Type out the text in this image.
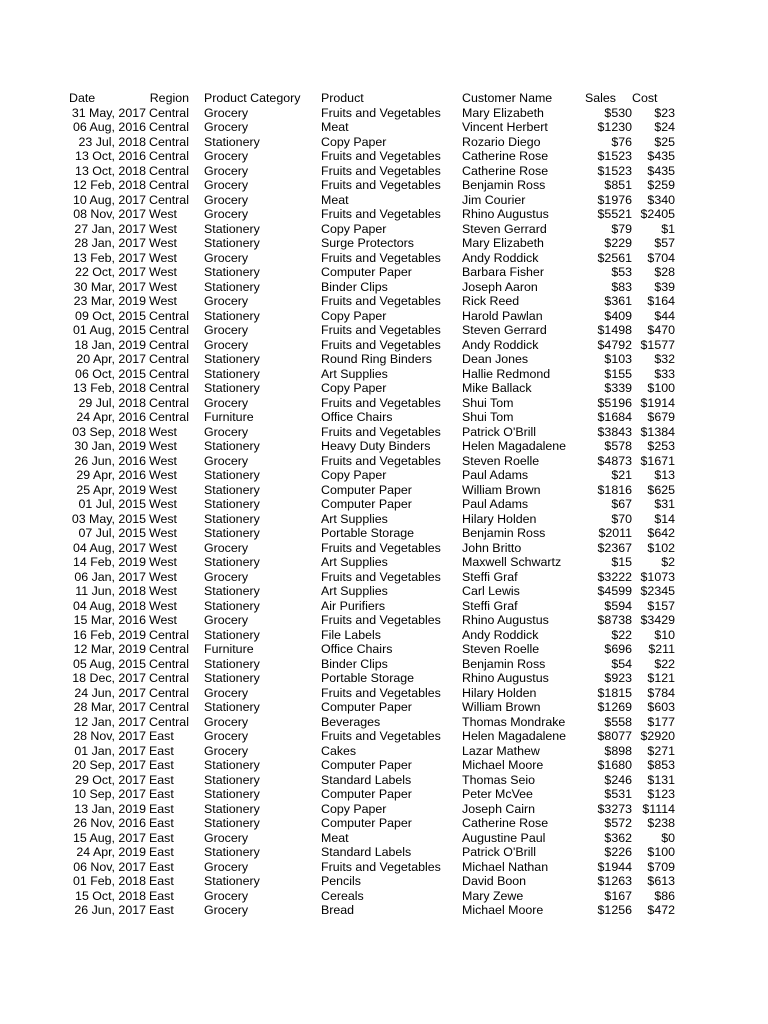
Date	Region Product Category	Product	Customer Name	Sales Cost
31 May, 2017 Central	Grocery	Fruits and Vegetables	Mary Elizabeth	$530	$23
06 Aug, 2016 Central	Grocery	Meat	Vincent Herbert	$1230	$24
23 Jul, 2018 Central	Stationery	Copy Paper	Rozario Diego	$76	$25
13 Oct, 2016 Central	Grocery	Fruits and Vegetables	Catherine Rose	$1523	$435
13 Oct, 2018 Central	Grocery	Fruits and Vegetables	Catherine Rose	$1523	$435
12 Feb, 2018 Central	Grocery	Fruits and Vegetables	Benjamin Ross	$851	$259
10 Aug, 2017 Central	Grocery	Meat	Jim Courier	$1976	$340
08 Nov, 2017 West	Grocery	Fruits and Vegetables	Rhino Augustus	$5521 $2405
27 Jan, 2017 West	Stationery	Copy Paper	Steven Gerrard	$79	$1
28 Jan, 2017 West	Stationery	Surge Protectors	Mary Elizabeth	$229	$57
13 Feb, 2017 West	Grocery	Fruits and Vegetables	Andy Roddick	$2561	$704
22 Oct, 2017 West	Stationery	Computer Paper	Barbara Fisher	$53	$28
30 Mar, 2017 West	Stationery	Binder Clips	Joseph Aaron	$83	$39
23 Mar, 2019 West	Grocery	Fruits and Vegetables	Rick Reed	$361	$164
09 Oct, 2015 Central	Stationery	Copy Paper	Harold Pawlan	$409	$44
01 Aug, 2015 Central	Grocery	Fruits and Vegetables	Steven Gerrard	$1498	$470
18 Jan, 2019 Central	Grocery	Fruits and Vegetables	Andy Roddick	$4792 $1577
20 Apr, 2017 Central	Stationery	Round Ring Binders	Dean Jones	$103	$32
06 Oct, 2015 Central	Stationery	Art Supplies	Hallie Redmond	$155	$33
13 Feb, 2018 Central	Stationery	Copy Paper	Mike Ballack	$339	$100
29 Jul, 2018 Central	Grocery	Fruits and Vegetables	Shui Tom	$5196 $1914
24 Apr, 2016 Central	Furniture	Office Chairs	Shui Tom	$1684	$679
03 Sep, 2018 West	Grocery	Fruits and Vegetables	Patrick O'Brill	$3843 $1384
30 Jan, 2019 West	Stationery	Heavy Duty Binders	Helen Magadalene	$578	$253
26 Jun, 2016 West	Grocery	Fruits and Vegetables	Steven Roelle	$4873 $1671
29 Apr, 2016 West	Stationery	Copy Paper	Paul Adams	$21	$13
25 Apr, 2019 West	Stationery	Computer Paper	William Brown	$1816	$625
01 Jul, 2015 West	Stationery	Computer Paper	Paul Adams	$67	$31
03 May, 2015 West	Stationery	Art Supplies	Hilary Holden	$70	$14
07 Jul, 2015 West	Stationery	Portable Storage	Benjamin Ross	$2011	$642
04 Aug, 2017 West	Grocery	Fruits and Vegetables	John Britto	$2367	$102
14 Feb, 2019 West	Stationery	Art Supplies	Maxwell Schwartz	$15	$2
06 Jan, 2017 West	Grocery	Fruits and Vegetables	Steffi Graf	$3222 $1073
11 Jun, 2018 West	Stationery	Art Supplies	Carl Lewis	$4599 $2345
04 Aug, 2018 West	Stationery	Air Purifiers	Steffi Graf	$594	$157
15 Mar, 2016 West	Grocery	Fruits and Vegetables	Rhino Augustus	$8738 $3429
16 Feb, 2019 Central	Stationery	File Labels	Andy Roddick	$22	$10
12 Mar, 2019 Central	Furniture	Office Chairs	Steven Roelle	$696	$211
05 Aug, 2015 Central	Stationery	Binder Clips	Benjamin Ross	$54	$22
18 Dec, 2017 Central	Stationery	Portable Storage	Rhino Augustus	$923	$121
24 Jun, 2017 Central	Grocery	Fruits and Vegetables	Hilary Holden	$1815	$784
28 Mar, 2017 Central	Stationery	Computer Paper	William Brown	$1269	$603
12 Jan, 2017 Central	Grocery	Beverages	Thomas Mondrake	$558	$177
28 Nov, 2017 East	Grocery	Fruits and Vegetables	Helen Magadalene	$8077 $2920
01 Jan, 2017 East	Grocery	Cakes	Lazar Mathew	$898	$271
20 Sep, 2017 East	Stationery	Computer Paper	Michael Moore	$1680	$853
29 Oct, 2017 East	Stationery	Standard Labels	Thomas Seio	$246	$131
10 Sep, 2017 East	Stationery	Computer Paper	Peter McVee	$531	$123
13 Jan, 2019 East	Stationery	Copy Paper	Joseph Cairn	$3273 $1114
26 Nov, 2016 East	Stationery	Computer Paper	Catherine Rose	$572	$238
15 Aug, 2017 East	Grocery	Meat	Augustine Paul	$362	$0
24 Apr, 2019 East	Stationery	Standard Labels	Patrick O'Brill	$226	$100
06 Nov, 2017 East	Grocery	Fruits and Vegetables	Michael Nathan	$1944	$709
01 Feb, 2018 East	Stationery	Pencils	David Boon	$1263	$613
15 Oct, 2018 East	Grocery	Cereals	Mary Zewe	$167	$86
26 Jun, 2017 East	Grocery	Bread	Michael Moore	$1256	$472
